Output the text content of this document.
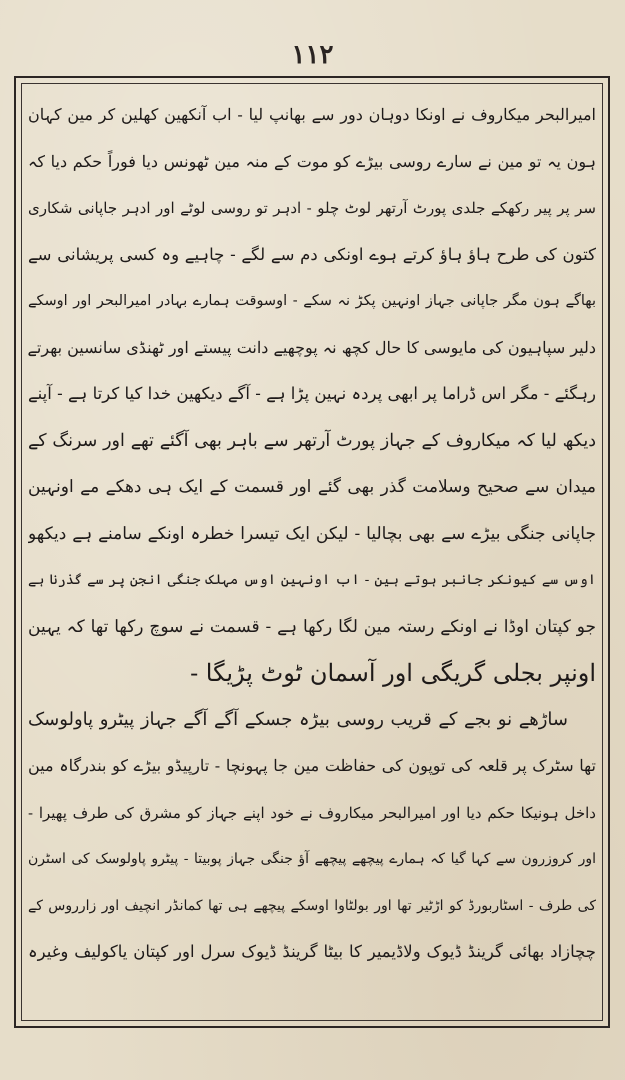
١١٢
امیرالبحر میکاروف نے اونکا دوہان دور سے بھانپ لیا - اب آنکھین کھلین کر مین کہان
ہون یہ تو مین نے سارے روسی بیڑے کو موت کے منہ مین ٹھونس دیا فوراً حکم دیا کہ
سر پر پیر رکھکے جلدی پورٹ آرتھر لوٹ چلو - ادہر تو روسی لوٹے اور ادہر جاپانی شکاری
کتون کی طرح ہاؤ ہاؤ کرتے ہوے اونکی دم سے لگے - چاہیے وہ کسی پریشانی سے
بھاگے ہون مگر جاپانی جہاز اونہین پکڑ نہ سکے - اوسوقت ہمارے بہادر امیرالبحر اور اوسکے
دلیر سپاہیون کی مایوسی کا حال کچھ نہ پوچھیے دانت پیستے اور ٹھنڈی سانسین بھرتے
رہگئے - مگر اس ڈراما پر ابھی پردہ نہین پڑا ہے - آگے دیکھین خدا کیا کرتا ہے - آپنے
دیکھ لیا کہ میکاروف کے جہاز پورٹ آرتھر سے باہر بھی آگئے تھے اور سرنگ کے
میدان سے صحیح وسلامت گذر بھی گئے اور قسمت کے ایک ہی دھکے مے اونہین
جاپانی جنگی بیڑے سے بھی بچالیا - لیکن ایک تیسرا خطرہ اونکے سامنے ہے دیکھو
اوس سے کیونکر جانبر ہوتے ہین - اب اونہین اوس مہلک جنگی انجن پر سے گذرنا ہے
جو کپتان اوڈا نے اونکے رستہ مین لگا رکھا ہے - قسمت نے سوچ رکھا تھا کہ یہین
اونپر بجلی گریگی اور آسمان ٹوٹ پڑیگا -
ساڑھے نو بجے کے قریب روسی بیڑہ جسکے آگے آگے جہاز پیٹرو پاولوسک
تھا سٹرک پر قلعہ کی توپون کی حفاظت مین جا پہونچا - تارپیڈو بیڑے کو بندرگاہ مین
داخل ہونیکا حکم دیا اور امیرالبحر میکاروف نے خود اپنے جہاز کو مشرق کی طرف پھیرا -
اور کروزرون سے کہا گیا کہ ہمارے پیچھے پیچھے آؤ جنگی جہاز پوبیتا - پیٹرو پاولوسک کی اسٹرن
کی طرف - اسٹاربورڈ کو اڑٹیر تھا اور بولٹاوا اوسکے پیچھے ہی تھا کمانڈر انچیف اور زارروس کے
چچازاد بھائی گرینڈ ڈیوک ولاڈیمیر کا بیٹا گرینڈ ڈیوک سرل اور کپتان یاکولیف وغیرہ
